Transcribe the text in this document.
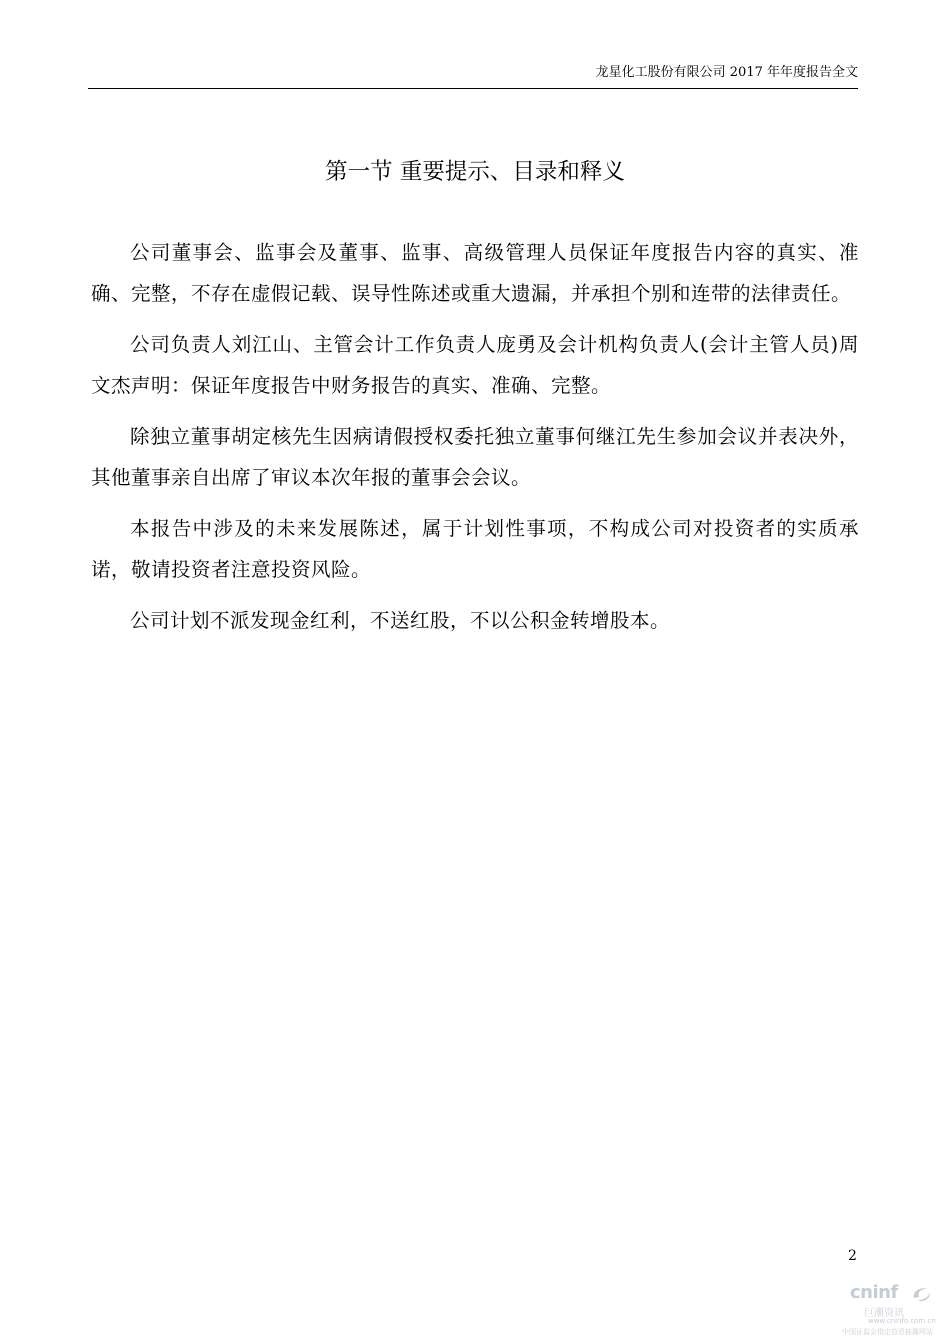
龙星化工股份有限公司 2017 年年度报告全文
第一节 重要提示、目录和释义

公司董事会、监事会及董事、监事、高级管理人员保证年度报告内容的真实、准确、完整，不存在虚假记载、误导性陈述或重大遗漏，并承担个别和连带的法律责任。

公司负责人刘江山、主管会计工作负责人庞勇及会计机构负责人(会计主管人员)周文杰声明：保证年度报告中财务报告的真实、准确、完整。

除独立董事胡定核先生因病请假授权委托独立董事何继江先生参加会议并表决外，其他董事亲自出席了审议本次年报的董事会会议。

本报告中涉及的未来发展陈述，属于计划性事项，不构成公司对投资者的实质承诺，敬请投资者注意投资风险。

公司计划不派发现金红利，不送红股，不以公积金转增股本。

2
cninf
巨潮资讯
www.cninfo.com.cn
中国证监会指定信息披露网站
